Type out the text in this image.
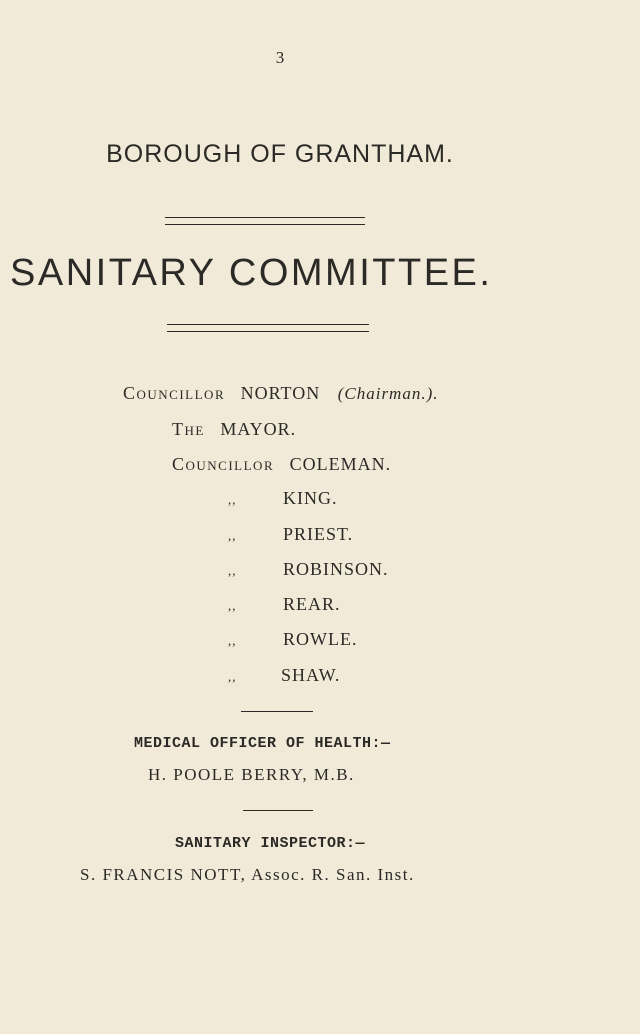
3
BOROUGH OF GRANTHAM.
SANITARY COMMITTEE.
Councillor NORTON (Chairman.).
The MAYOR.
Councillor COLEMAN.
,,	KING.
,,	PRIEST.
,,	ROBINSON.
,,	REAR.
,,	ROWLE.
,, SHAW.
MEDICAL OFFICER OF HEALTH:—
H. POOLE BERRY, M.B.
SANITARY INSPECTOR:—
S. FRANCIS NOTT, Assoc. R. San. Inst.
